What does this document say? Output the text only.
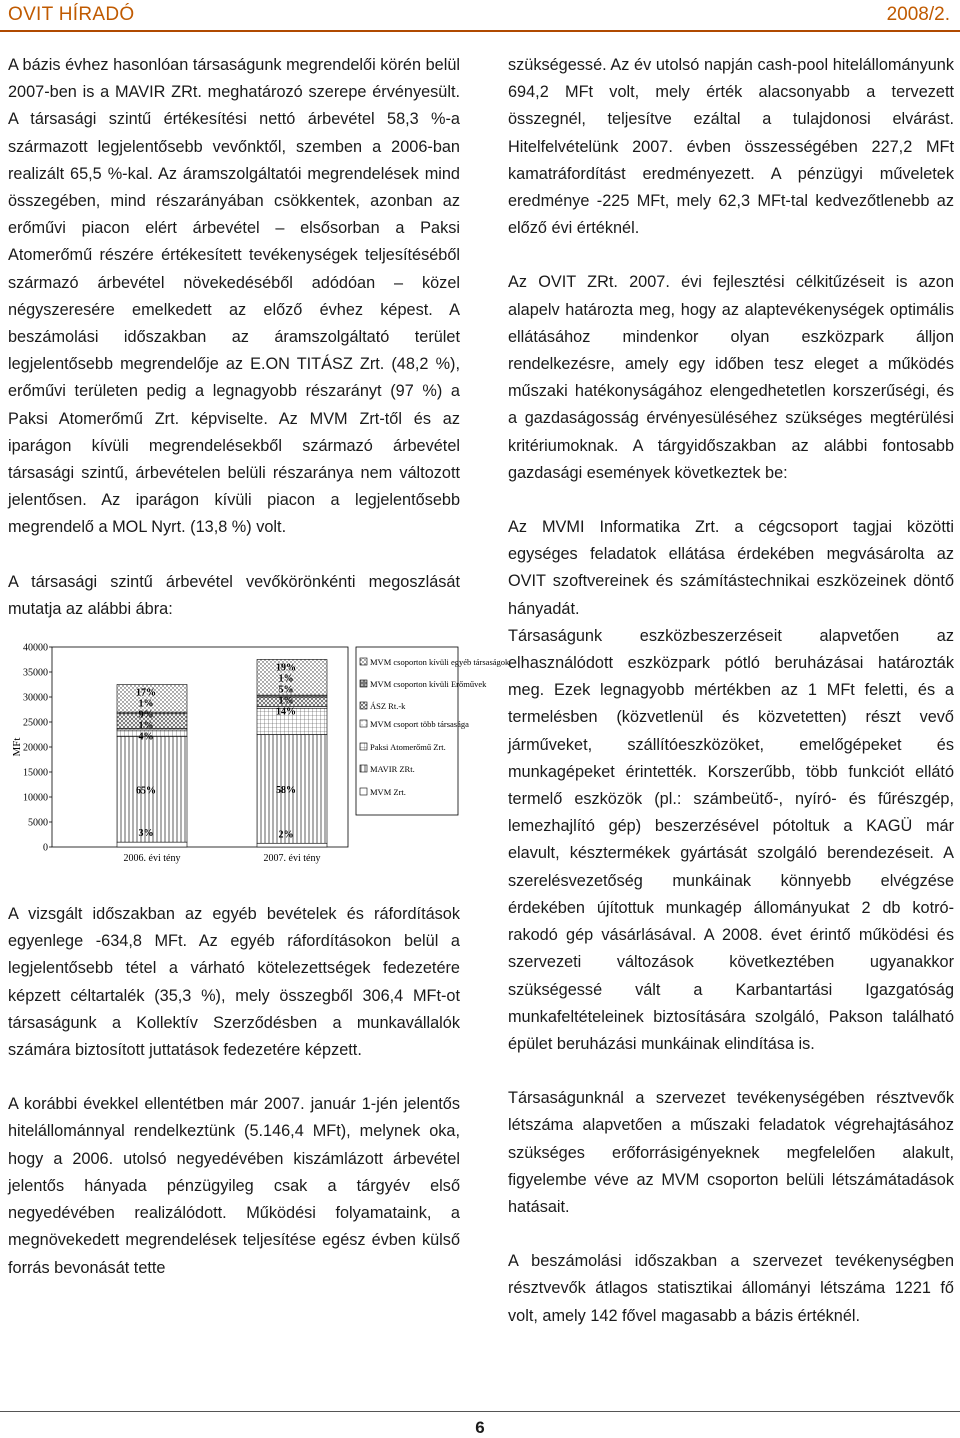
OVIT HÍRADÓ	2008/2.

A bázis évhez hasonlóan társaságunk megrendelői körén belül 2007-ben is a MAVIR ZRt. meghatározó szerepe érvényesült. A társasági szintű értékesítési nettó árbevétel 58,3 %-a származott legjelentősebb vevőnktől, szemben a 2006-ban realizált 65,5 %-kal. Az áramszolgáltatói megrendelések mind összegében, mind részarányában csökkentek, azonban az erőművi piacon elért árbevétel – elsősorban a Paksi Atomerőmű részére értékesített tevékenységek teljesítéséből származó árbevétel növekedéséből adódóan – közel négyszeresére emelkedett az előző évhez képest. A beszámolási időszakban az áramszolgáltató terület legjelentősebb megrendelője az E.ON TITÁSZ Zrt. (48,2 %), erőművi területen pedig a legnagyobb részarányt (97 %) a Paksi Atomerőmű Zrt. képviselte. Az MVM Zrt-től és az iparágon kívüli megrendelésekből származó árbevétel társasági szintű, árbevételen belüli részaránya nem változott jelentősen. Az iparágon kívüli piacon a legjelentősebb megrendelő a MOL Nyrt. (13,8 %) volt.

A társasági szintű árbevétel vevőkörönkénti megoszlását mutatja az alábbi ábra:

0
5000
10000
15000
20000
25000
30000
35000
40000
MFt
17%
1%
9%
1%
4%
65%
3%
2006. évi tény
19%
1%
5%
1%
14%
58%
2%
2007. évi tény
MVM csoporton kívüli egyéb társaságok
MVM csoporton kívüli Erőművek
ÁSZ Rt.-k
MVM csoport több társasága
Paksi Atomerőmű Zrt.
MAVIR ZRt.
MVM Zrt.

A vizsgált időszakban az egyéb bevételek és ráfordítások egyenlege -634,8 MFt. Az egyéb ráfordításokon belül a legjelentősebb tétel a várható kötelezettségek fedezetére képzett céltartalék (35,3 %), mely összegből 306,4 MFt-ot társaságunk a Kollektív Szerződésben a munkavállalók számára biztosított juttatások fedezetére képzett.

A korábbi évekkel ellentétben már 2007. január 1-jén jelentős hitelállománnyal rendelkeztünk (5.146,4 MFt), melynek oka, hogy a 2006. utolsó negyedévében kiszámlázott árbevétel jelentős hányada pénzügyileg csak a tárgyév első negyedévében realizálódott. Működési folyamataink, a megnövekedett megrendelések teljesítése egész évben külső forrás bevonását tette

szükségessé. Az év utolsó napján cash-pool hitelállományunk 694,2 MFt volt, mely érték alacsonyabb a tervezett összegnél, teljesítve ezáltal a tulajdonosi elvárást. Hitelfelvételünk 2007. évben összességében 227,2 MFt kamatráfordítást eredményezett. A pénzügyi műveletek eredménye -225 MFt, mely 62,3 MFt-tal kedvezőtlenebb az előző évi értéknél.

Az OVIT ZRt. 2007. évi fejlesztési célkitűzéseit is azon alapelv határozta meg, hogy az alaptevékenységek optimális ellátásához mindenkor olyan eszközpark álljon rendelkezésre, amely egy időben tesz eleget a működés műszaki hatékonyságához elengedhetetlen korszerűségi, és a gazdaságosság érvényesüléséhez szükséges megtérülési kritériumoknak. A tárgyidőszakban az alábbi fontosabb gazdasági események következtek be:

Az MVMI Informatika Zrt. a cégcsoport tagjai közötti egységes feladatok ellátása érdekében megvásárolta az OVIT szoftvereinek és számítástechnikai eszközeinek döntő hányadát.

Társaságunk eszközbeszerzéseit alapvetően az elhasználódott eszközpark pótló beruházásai határozták meg. Ezek legnagyobb mértékben az 1 MFt feletti, és a termelésben (közvetlenül és közvetetten) részt vevő járműveket, szállítóeszközöket, emelőgépeket és munkagépeket érintették. Korszerűbb, több funkciót ellátó termelő eszközök (pl.: számbeütő-, nyíró- és fűrészgép, lemezhajlító gép) beszerzésével pótoltuk a KAGÜ már elavult, késztermékek gyártását szolgáló berendezéseit. A szerelésvezetőség munkáinak könnyebb elvégzése érdekében újítottuk munkagép állományukat 2 db kotró-rakodó gép vásárlásával. A 2008. évet érintő működési és szervezeti változások következtében ugyanakkor szükségessé vált a Karbantartási Igazgatóság munkafeltételeinek biztosítására szolgáló, Pakson található épület beruházási munkáinak elindítása is.

Társaságunknál a szervezet tevékenységében résztvevők létszáma alapvetően a műszaki feladatok végrehajtásához szükséges erőforrásigényeknek megfelelően alakult, figyelembe véve az MVM csoporton belüli létszámátadások hatásait.

A beszámolási időszakban a szervezet tevékenységben résztvevők átlagos statisztikai állományi létszáma 1221 fő volt, amely 142 fővel magasabb a bázis értéknél.

6
